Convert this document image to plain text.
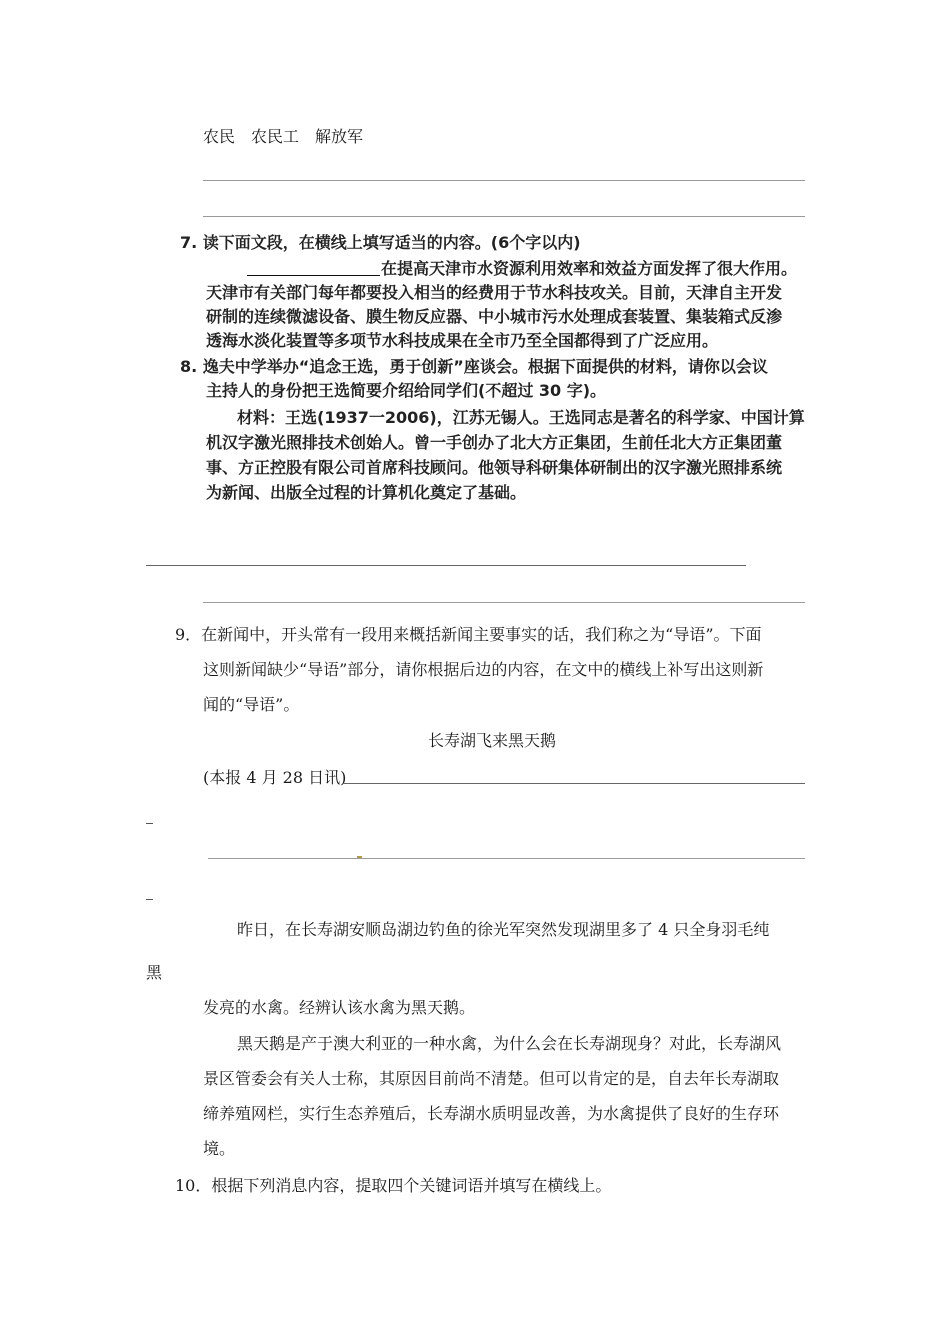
农民　农民工　解放军
7. 读下面文段，在横线上填写适当的内容。(6个字以内)
在提高天津市水资源利用效率和效益方面发挥了很大作用。
天津市有关部门每年都要投入相当的经费用于节水科技攻关。目前，天津自主开发
研制的连续微滤设备、膜生物反应器、中小城市污水处理成套装置、集装箱式反渗
透海水淡化装置等多项节水科技成果在全市乃至全国都得到了广泛应用。
8. 逸夫中学举办“追念王选，勇于创新”座谈会。根据下面提供的材料，请你以会议
主持人的身份把王选简要介绍给同学们(不超过 30 字)。
材料：王选(1937一2006)，江苏无锡人。王选同志是著名的科学家、中国计算
机汉字激光照排技术创始人。曾一手创办了北大方正集团，生前任北大方正集团董
事、方正控股有限公司首席科技顾问。他领导科研集体研制出的汉字激光照排系统
为新闻、出版全过程的计算机化奠定了基础。
9．在新闻中，开头常有一段用来概括新闻主要事实的话，我们称之为“导语”。下面
这则新闻缺少“导语”部分，请你根据后边的内容，在文中的横线上补写出这则新
闻的“导语”。
长寿湖飞来黑天鹅
(本报 4 月 28 日讯)
昨日，在长寿湖安顺岛湖边钓鱼的徐光军突然发现湖里多了 4 只全身羽毛纯
黑
发亮的水禽。经辨认该水禽为黑天鹅。
黑天鹅是产于澳大利亚的一种水禽，为什么会在长寿湖现身？对此，长寿湖风
景区管委会有关人士称，其原因目前尚不清楚。但可以肯定的是，自去年长寿湖取
缔养殖网栏，实行生态养殖后，长寿湖水质明显改善，为水禽提供了良好的生存环
境。
10．根据下列消息内容，提取四个关键词语并填写在横线上。
